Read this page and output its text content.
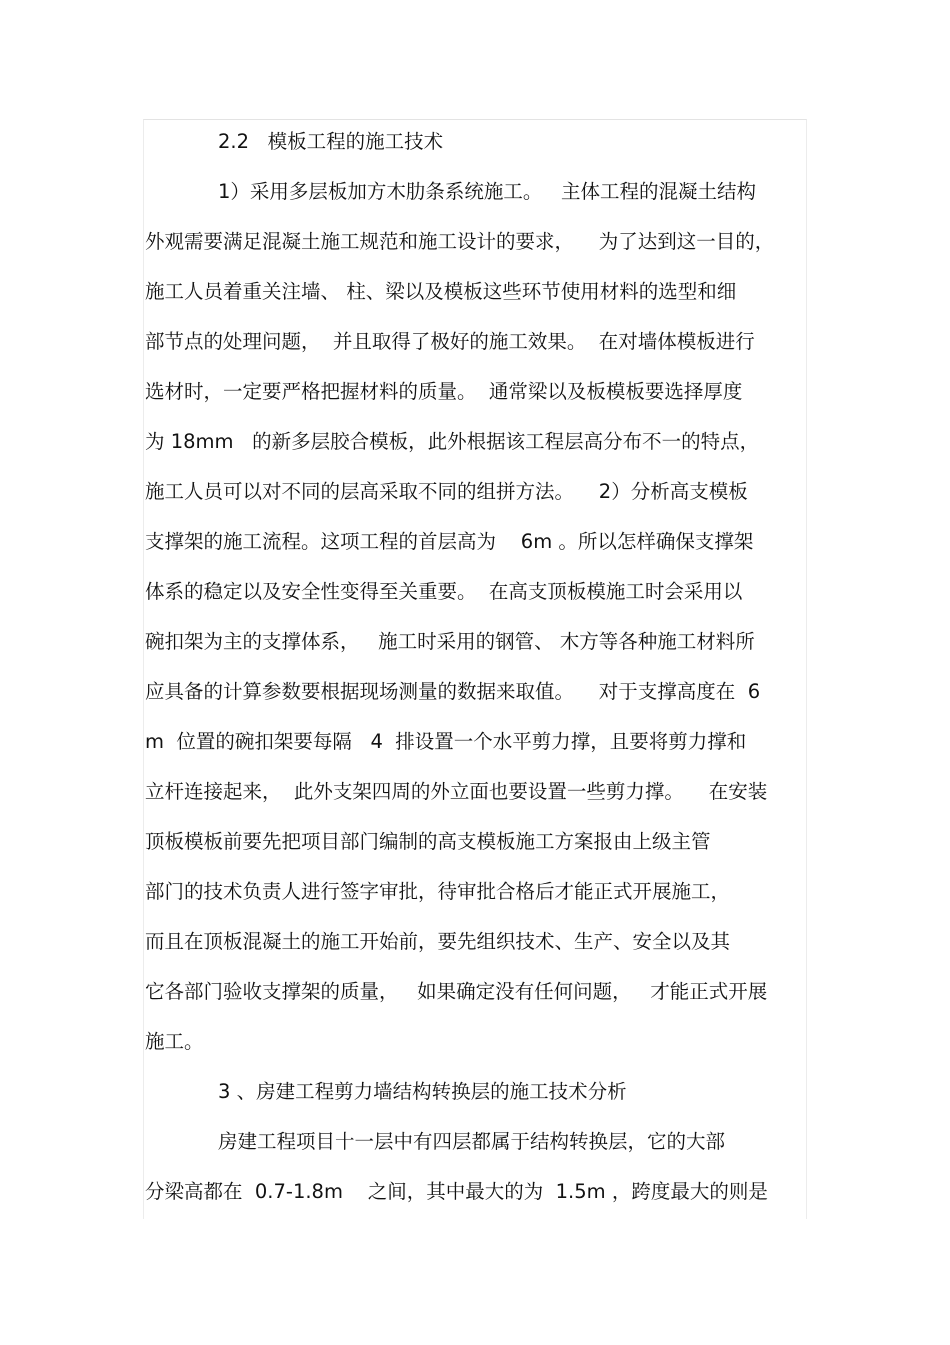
2.2   模板工程的施工技术
1）采用多层板加方木肋条系统施工。   主体工程的混凝土结构
外观需要满足混凝土施工规范和施工设计的要求，    为了达到这一目的，
施工人员着重关注墙、 柱、梁以及模板这些环节使用材料的选型和细
部节点的处理问题，  并且取得了极好的施工效果。  在对墙体模板进行
选材时，一定要严格把握材料的质量。  通常梁以及板模板要选择厚度
为 18mm   的新多层胶合模板，此外根据该工程层高分布不一的特点，
施工人员可以对不同的层高采取不同的组拼方法。    2）分析高支模板
支撑架的施工流程。这项工程的首层高为    6m 。所以怎样确保支撑架
体系的稳定以及安全性变得至关重要。  在高支顶板模施工时会采用以
碗扣架为主的支撑体系，   施工时采用的钢管、 木方等各种施工材料所
应具备的计算参数要根据现场测量的数据来取值。    对于支撑高度在  6
m  位置的碗扣架要每隔   4  排设置一个水平剪力撑，且要将剪力撑和
立杆连接起来，  此外支架四周的外立面也要设置一些剪力撑。    在安装
顶板模板前要先把项目部门编制的高支模板施工方案报由上级主管
部门的技术负责人进行签字审批，待审批合格后才能正式开展施工，
而且在顶板混凝土的施工开始前，要先组织技术、生产、安全以及其
它各部门验收支撑架的质量，   如果确定没有任何问题，   才能正式开展
施工。
3 、房建工程剪力墙结构转换层的施工技术分析
房建工程项目十一层中有四层都属于结构转换层，它的大部
分梁高都在  0.7-1.8m    之间，其中最大的为  1.5m ，跨度最大的则是
